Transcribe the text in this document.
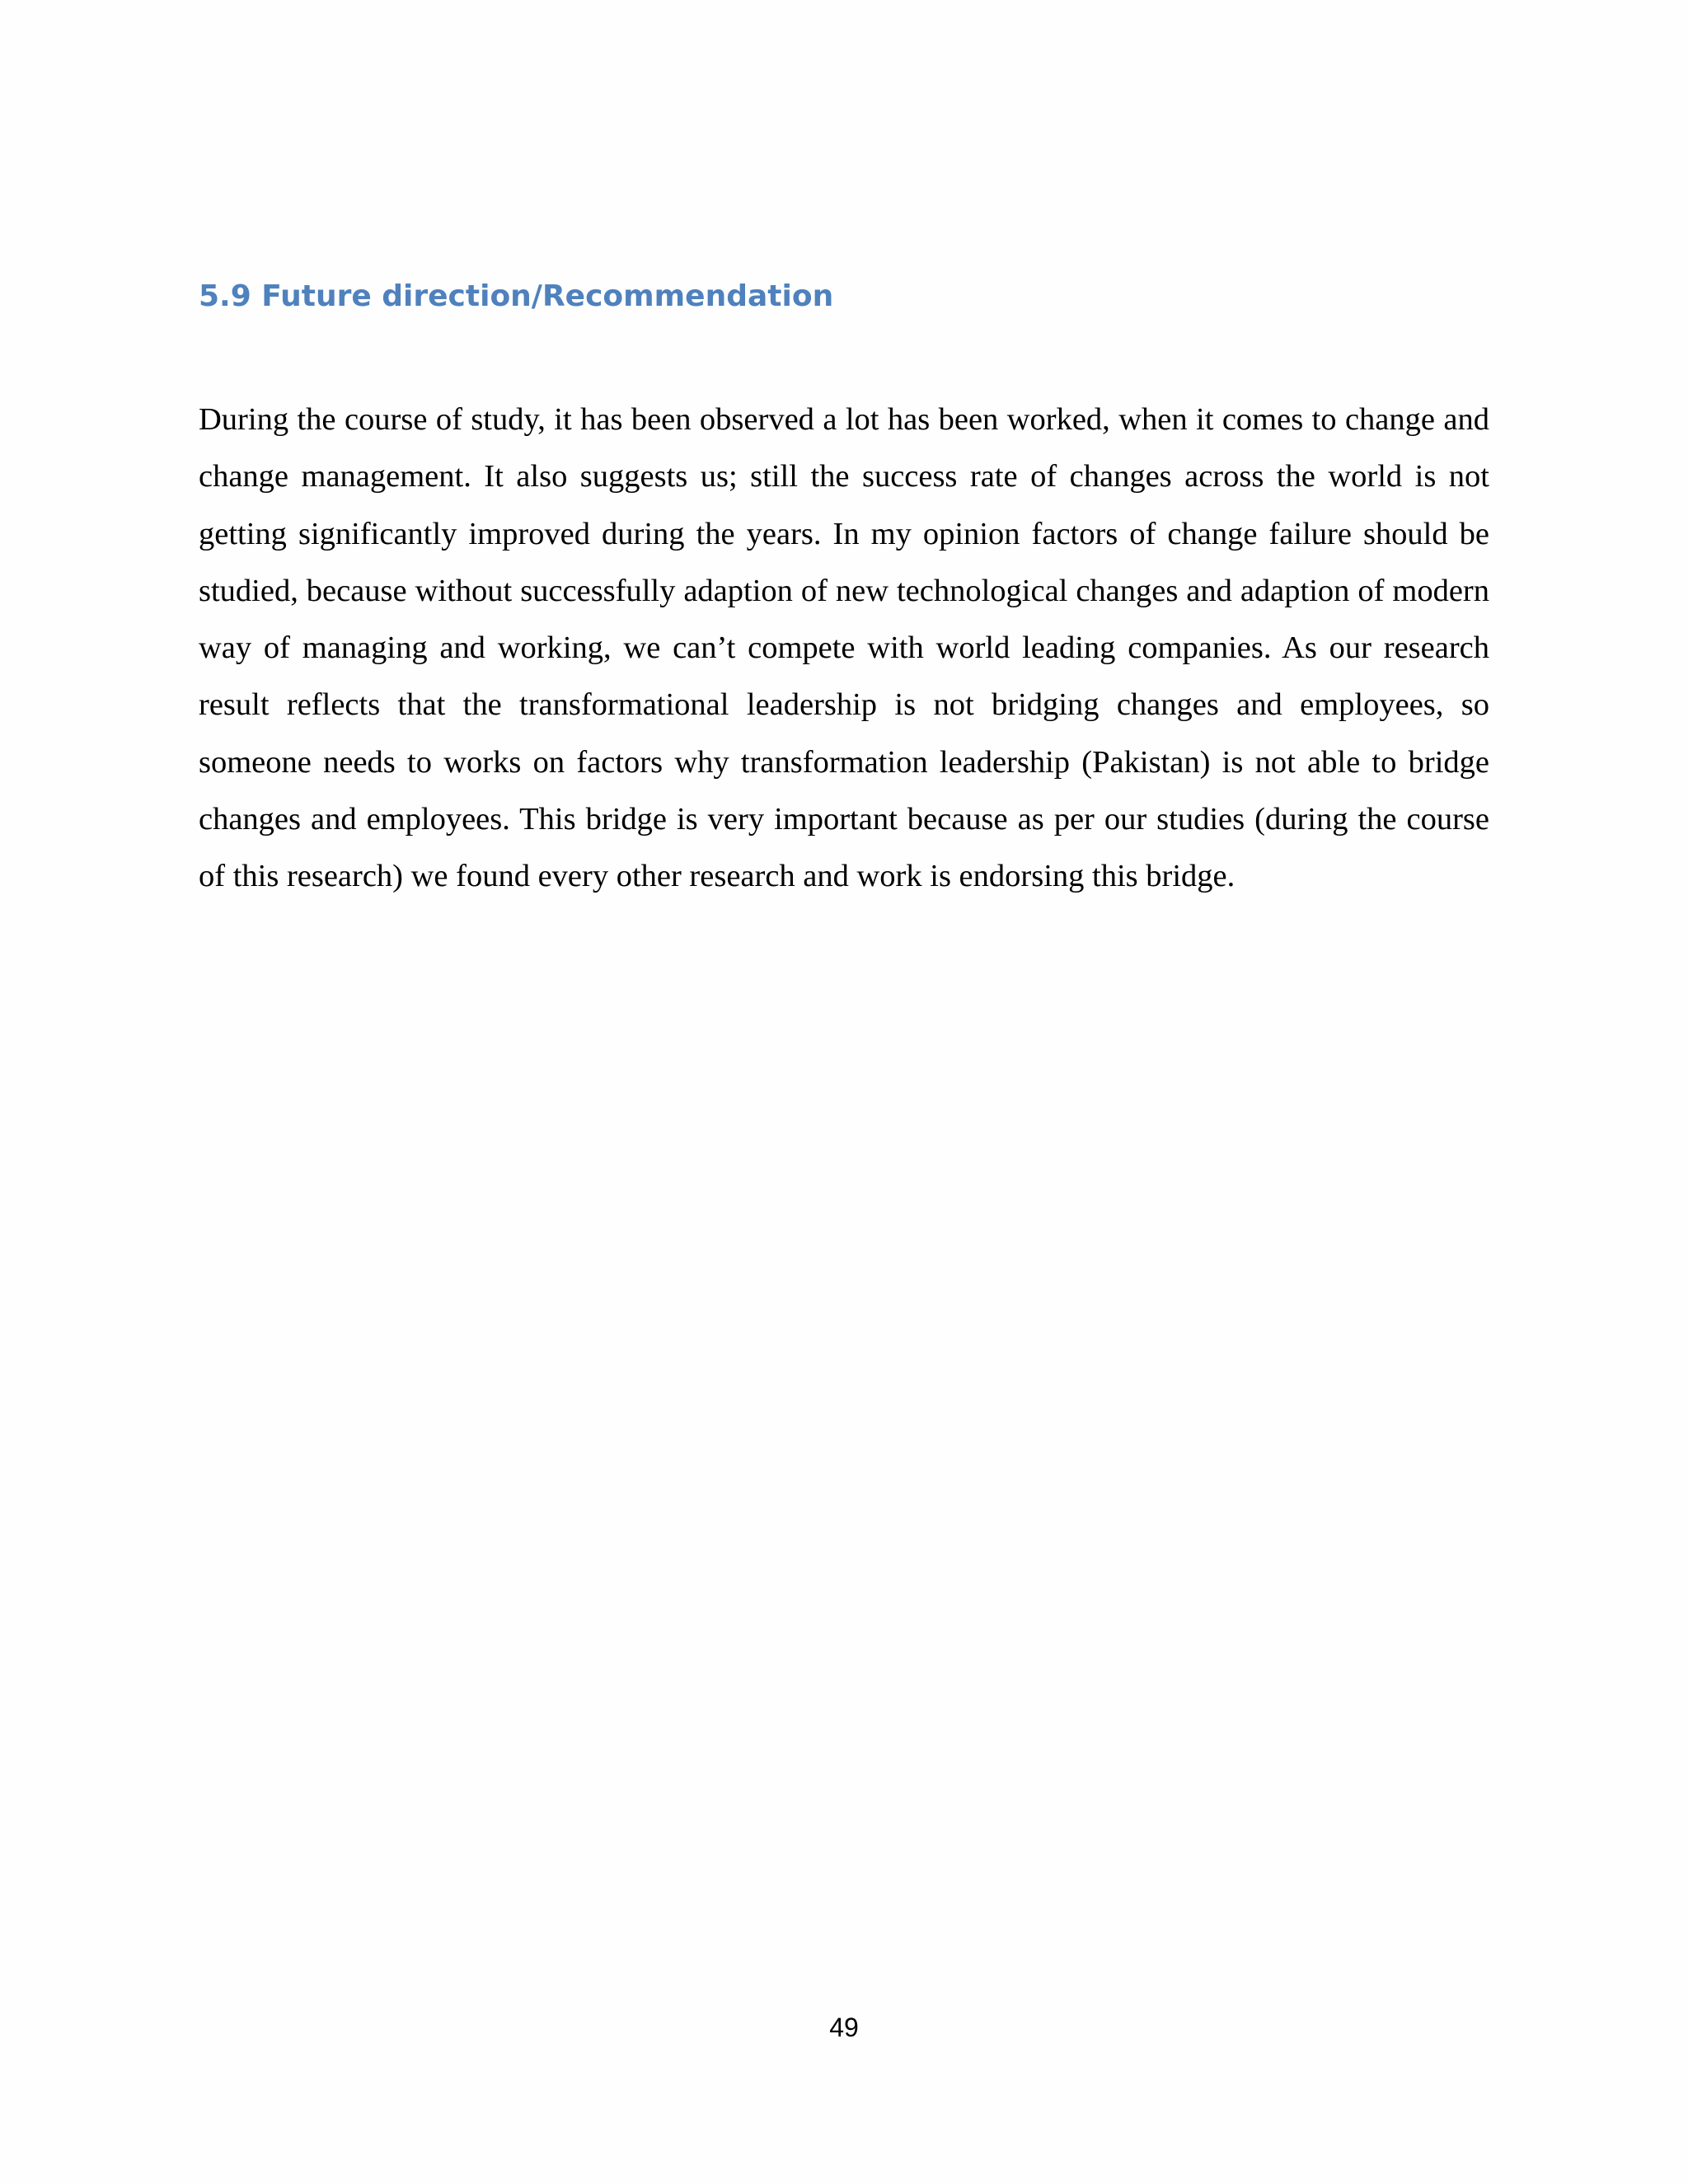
5.9 Future direction/Recommendation

During the course of study, it has been observed a lot has been worked, when it comes to change and change management. It also suggests us; still the success rate of changes across the world is not getting significantly improved during the years. In my opinion factors of change failure should be studied, because without successfully adaption of new technological changes and adaption of modern way of managing and working, we can’t compete with world leading companies. As our research result reflects that the transformational leadership is not bridging changes and employees, so someone needs to works on factors why transformation leadership (Pakistan) is not able to bridge changes and employees. This bridge is very important because as per our studies (during the course of this research) we found every other research and work is endorsing this bridge.

49
